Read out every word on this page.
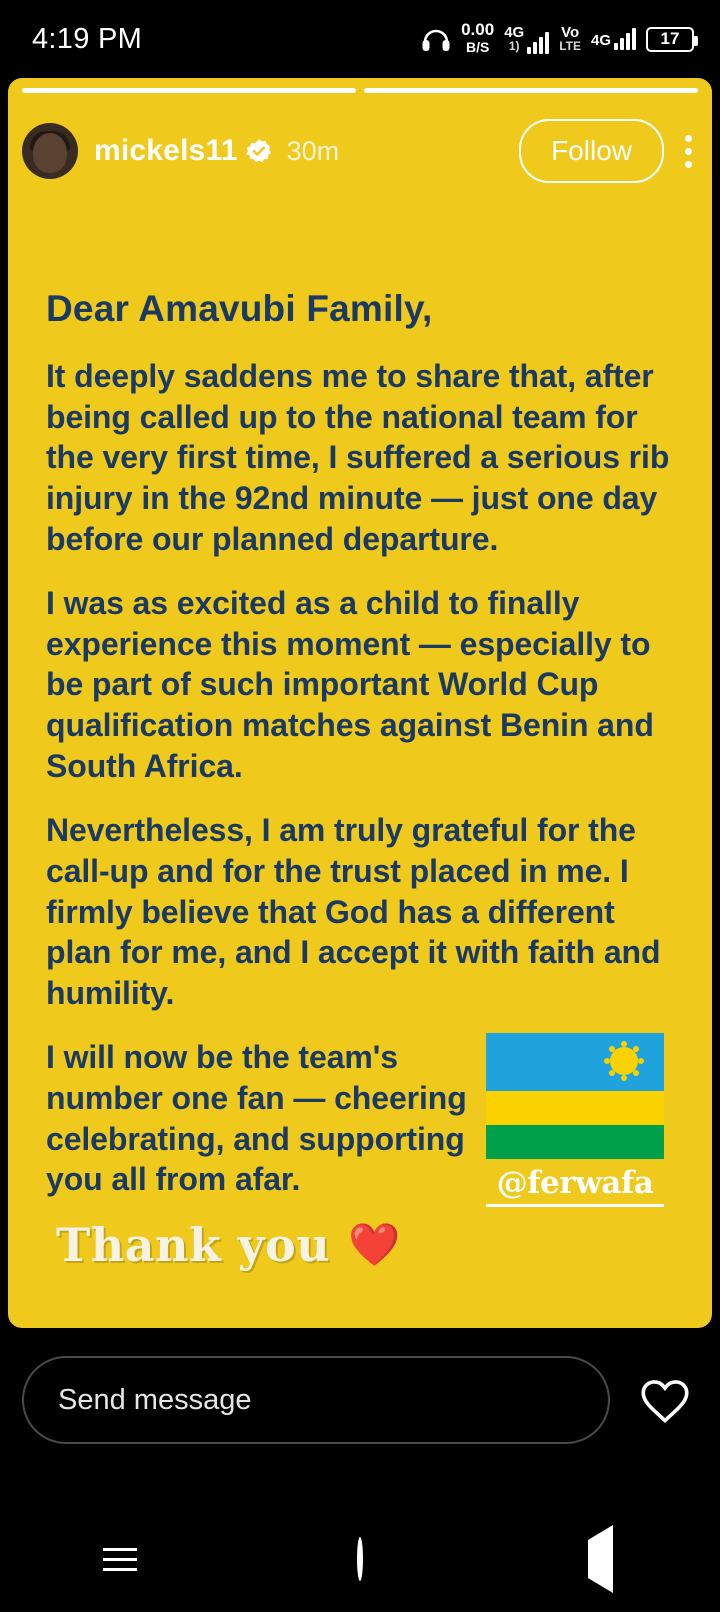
4:19 PM	0.00
B/S
4G
1)
Vo
LTE 4G	17
mickels11 30m	Follow
Dear Amavubi Family,
It deeply saddens me to share that, after being called up to the national team for the very first time, I suffered a serious rib injury in the 92nd minute — just one day before our planned departure.
I was as excited as a child to finally experience this moment — especially to be part of such important World Cup qualification matches against Benin and South Africa.
Nevertheless, I am truly grateful for the call-up and for the trust placed in me. I firmly believe that God has a different plan for me, and I accept it with faith and humility.
I will now be the team's number one fan — cheering celebrating, and supporting you all from afar.	@ferwafa
Thank you ❤️
Send message
